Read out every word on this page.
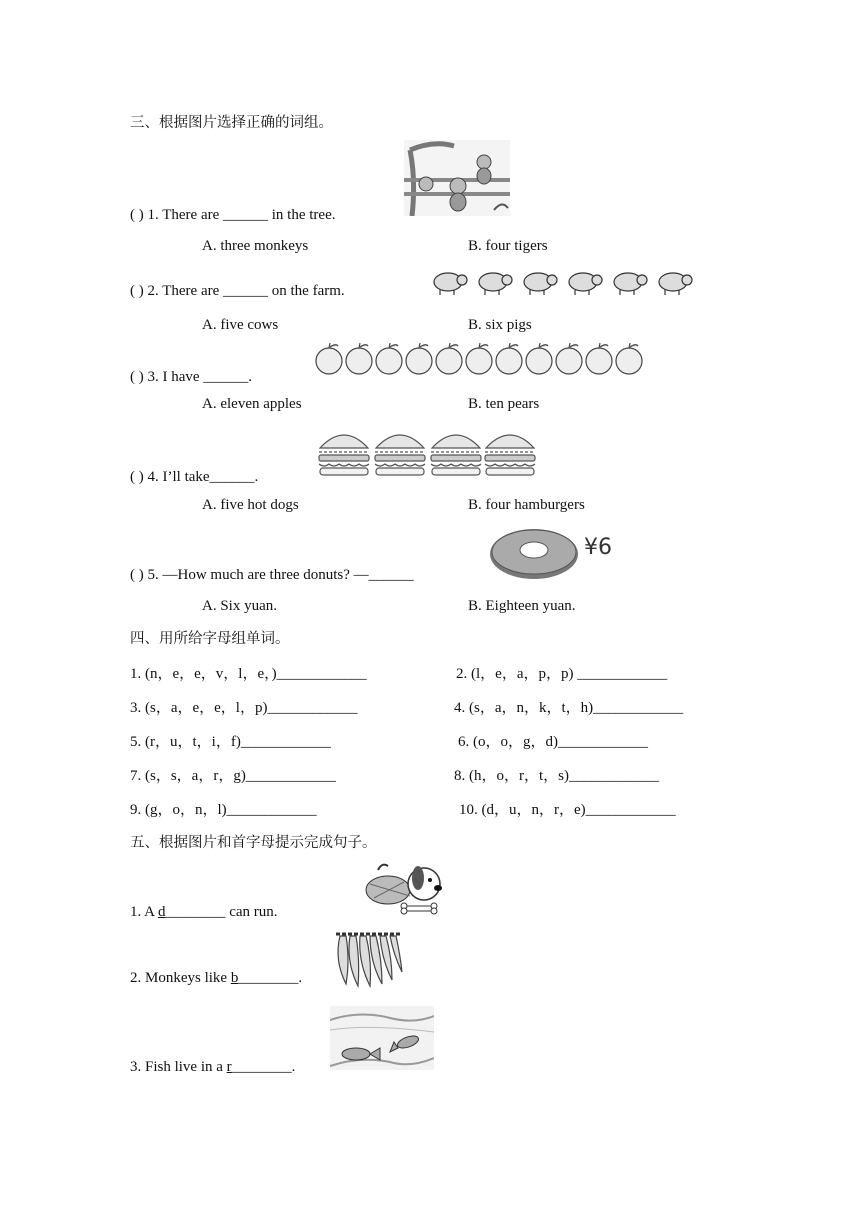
三、根据图片选择正确的词组。
( ) 1. There are ______ in the tree.
A. three monkeys	B. four tigers
( ) 2. There are ______ on the farm.
A. five cows	B. six pigs
( ) 3. I have ______.
A. eleven apples	B. ten pears
( ) 4. I’ll take______.
A. five hot dogs	B. four hamburgers
¥6
( ) 5. —How much are three donuts? —______
A. Six yuan.	B. Eighteen yuan.
四、用所给字母组单词。
1. (n，e，e，v，l，e，)____________	2. (l，e，a，p，p) ____________
3. (s，a，e，e，l，p)____________	4. (s，a，n，k，t，h)____________
5. (r，u，t，i，f)____________	6. (o，o，g，d)____________
7. (s，s，a，r，g)____________	8. (h，o，r，t，s)____________
9. (g，o，n，l)____________	10. (d，u，n，r，e)____________
五、根据图片和首字母提示完成句子。
1. A d________ can run.
2. Monkeys like b________.
3. Fish live in a r________.
